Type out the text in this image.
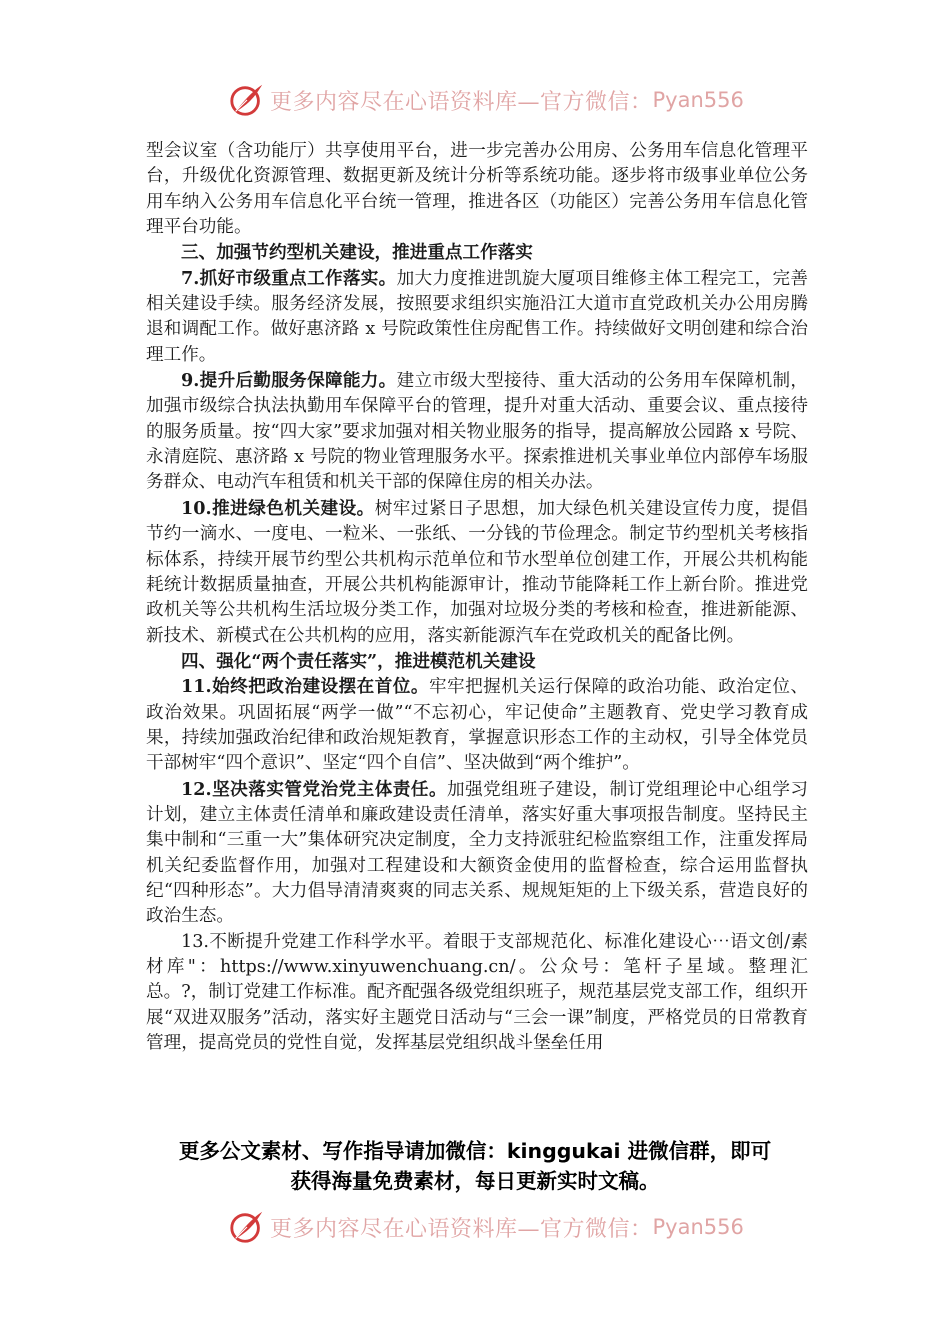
更多内容尽在心语资料库—官方微信： Pyan556

型会议室（含功能厅）共享使用平台，进一步完善办公用房、公务用车信息化管理平台，升级优化资源管理、数据更新及统计分析等系统功能。逐步将市级事业单位公务用车纳入公务用车信息化平台统一管理，推进各区（功能区）完善公务用车信息化管理平台功能。

三、加强节约型机关建设，推进重点工作落实

7.抓好市级重点工作落实。加大力度推进凯旋大厦项目维修主体工程完工，完善相关建设手续。服务经济发展，按照要求组织实施沿江大道市直党政机关办公用房腾退和调配工作。做好惠济路 x 号院政策性住房配售工作。持续做好文明创建和综合治理工作。

9.提升后勤服务保障能力。建立市级大型接待、重大活动的公务用车保障机制，加强市级综合执法执勤用车保障平台的管理，提升对重大活动、重要会议、重点接待的服务质量。按“四大家”要求加强对相关物业服务的指导，提高解放公园路 x 号院、永清庭院、惠济路 x 号院的物业管理服务水平。探索推进机关事业单位内部停车场服务群众、电动汽车租赁和机关干部的保障住房的相关办法。

10.推进绿色机关建设。树牢过紧日子思想，加大绿色机关建设宣传力度，提倡节约一滴水、一度电、一粒米、一张纸、一分钱的节俭理念。制定节约型机关考核指标体系，持续开展节约型公共机构示范单位和节水型单位创建工作，开展公共机构能耗统计数据质量抽查，开展公共机构能源审计，推动节能降耗工作上新台阶。推进党政机关等公共机构生活垃圾分类工作，加强对垃圾分类的考核和检查，推进新能源、新技术、新模式在公共机构的应用，落实新能源汽车在党政机关的配备比例。

四、强化“两个责任落实”，推进模范机关建设

11.始终把政治建设摆在首位。牢牢把握机关运行保障的政治功能、政治定位、政治效果。巩固拓展“两学一做”“不忘初心，牢记使命”主题教育、党史学习教育成果，持续加强政治纪律和政治规矩教育，掌握意识形态工作的主动权，引导全体党员干部树牢“四个意识”、坚定“四个自信”、坚决做到“两个维护”。

12.坚决落实管党治党主体责任。加强党组班子建设，制订党组理论中心组学习计划，建立主体责任清单和廉政建设责任清单，落实好重大事项报告制度。坚持民主集中制和“三重一大”集体研究决定制度，全力支持派驻纪检监察组工作，注重发挥局机关纪委监督作用，加强对工程建设和大额资金使用的监督检查，综合运用监督执纪“四种形态”。大力倡导清清爽爽的同志关系、规规矩矩的上下级关系，营造良好的政治生态。

13.不断提升党建工作科学水平。着眼于支部规范化、标准化建设心⋯语文创/素材库"：https://www.xinyuwenchuang.cn/。公众号：笔杆子星域。整理汇总。?，制订党建工作标准。配齐配强各级党组织班子，规范基层党支部工作，组织开展“双进双服务”活动，落实好主题党日活动与“三会一课”制度，严格党员的日常教育管理，提高党员的党性自觉，发挥基层党组织战斗堡垒任用

更多公文素材、写作指导请加微信：kinggukai 进微信群，即可
获得海量免费素材，每日更新实时文稿。
更多内容尽在心语资料库—官方微信： Pyan556
